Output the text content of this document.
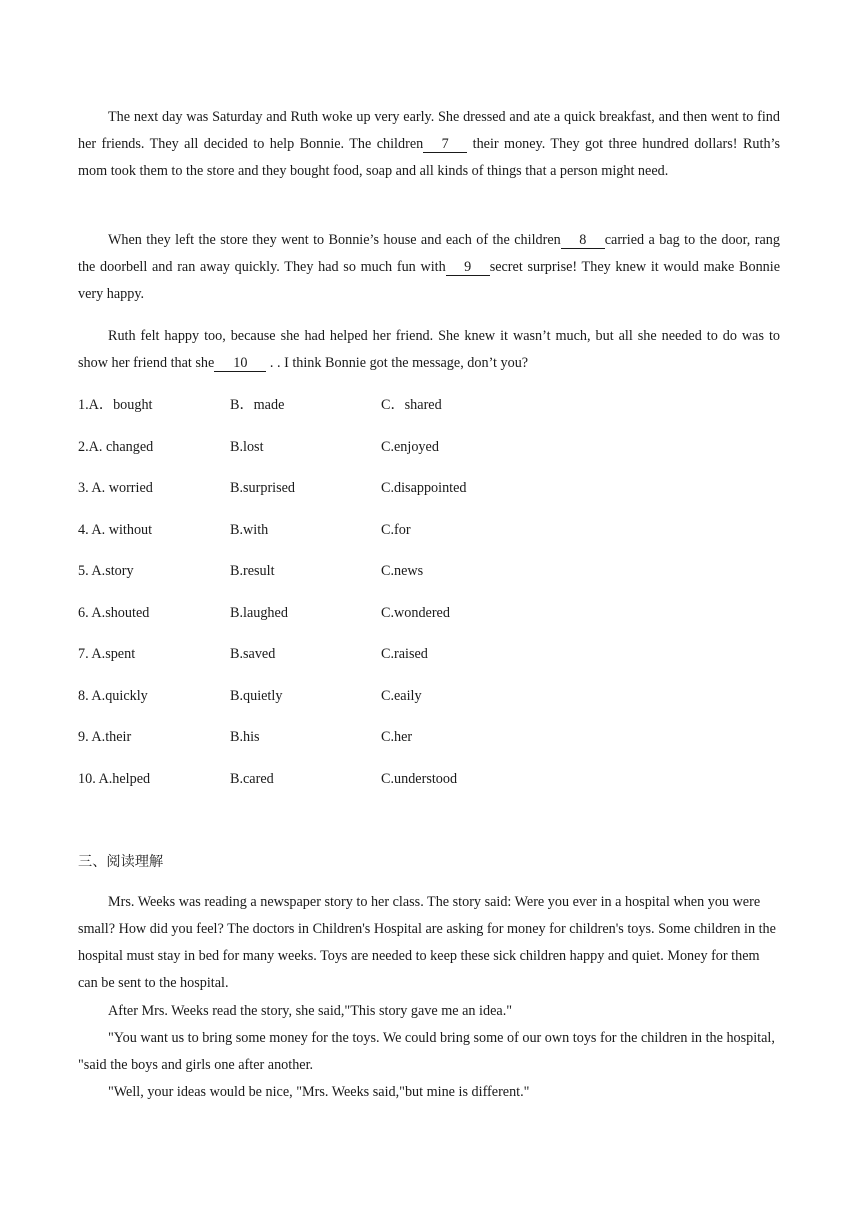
The next day was Saturday and Ruth woke up very early. She dressed and ate a quick breakfast, and then went to find her friends. They all decided to help Bonnie. The children 7 their money. They got three hundred dollars! Ruth’s mom took them to the store and they bought food, soap and all kinds of things that a person might need.

When they left the store they went to Bonnie’s house and each of the children 8 carried a bag to the door, rang the doorbell and ran away quickly. They had so much fun with 9 secret surprise! They knew it would make Bonnie very happy.

Ruth felt happy too, because she had helped her friend. She knew it wasn’t much, but all she needed to do was to show her friend that she 10 . . I think Bonnie got the message, don’t you?

1.A．bought	B．made	C．shared
2.A. changed	B.lost	C.enjoyed
3. A. worried	B.surprised	C.disappointed
4. A. without	B.with	C.for
5. A.story	B.result	C.news
6. A.shouted	B.laughed	C.wondered
7. A.spent	B.saved	C.raised
8. A.quickly	B.quietly	C.eaily
9. A.their	B.his	C.her
10. A.helped	B.cared	C.understood
三、阅读理解

Mrs. Weeks was reading a newspaper story to her class. The story said: Were you ever in a hospital when you were small? How did you feel? The doctors in Children's Hospital are asking for money for children's toys. Some children in the hospital must stay in bed for many weeks. Toys are needed to keep these sick children happy and quiet. Money for them can be sent to the hospital.

After Mrs. Weeks read the story, she said,"This story gave me an idea."

"You want us to bring some money for the toys. We could bring some of our own toys for the children in the hospital, "said the boys and girls one after another.

"Well, your ideas would be nice, "Mrs. Weeks said,"but mine is different."
